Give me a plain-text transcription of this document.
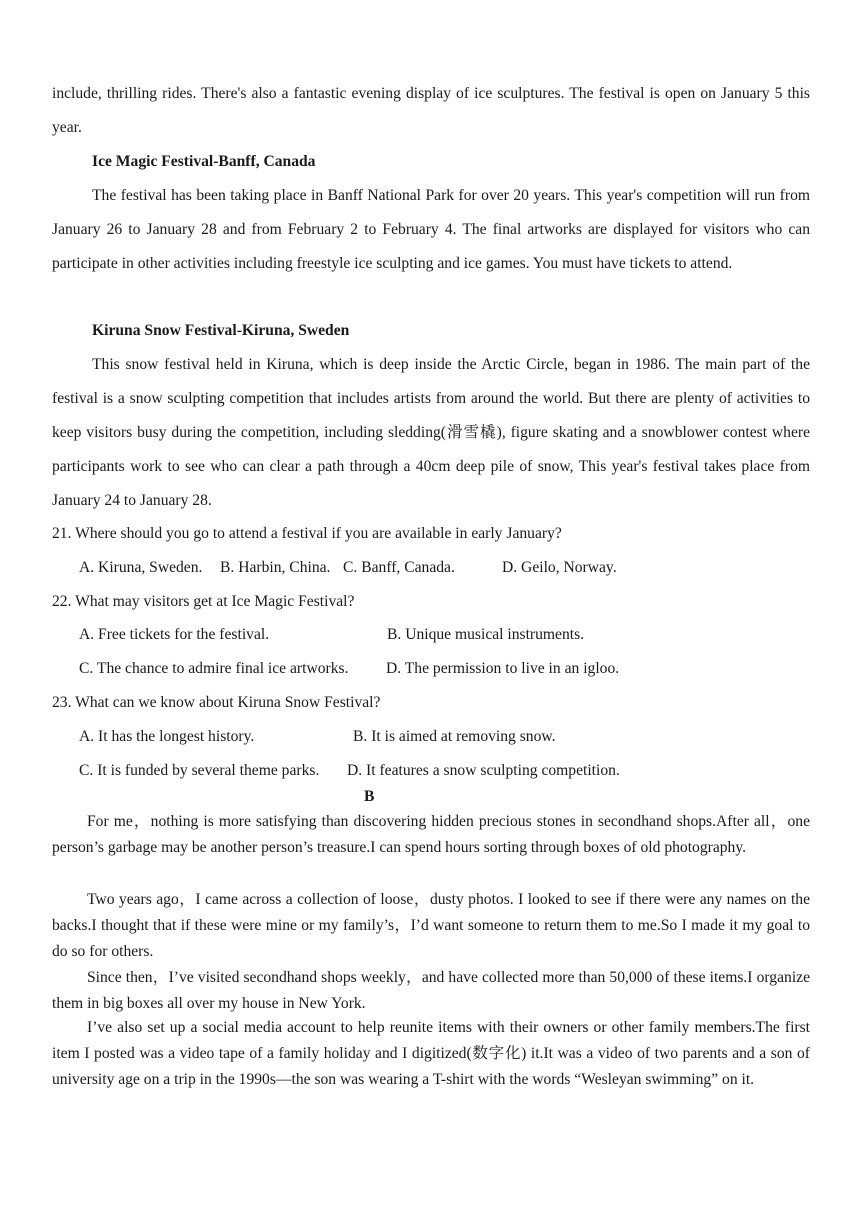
include, thrilling rides. There's also a fantastic evening display of ice sculptures. The festival is open on January 5 this year.

Ice Magic Festival-Banff, Canada

The festival has been taking place in Banff National Park for over 20 years. This year's competition will run from January 26 to January 28 and from February 2 to February 4. The final artworks are displayed for visitors who can participate in other activities including freestyle ice sculpting and ice games. You must have tickets to attend.

Kiruna Snow Festival-Kiruna, Sweden

This snow festival held in Kiruna, which is deep inside the Arctic Circle, began in 1986. The main part of the festival is a snow sculpting competition that includes artists from around the world. But there are plenty of activities to keep visitors busy during the competition, including sledding(滑雪橇), figure skating and a snowblower contest where participants work to see who can clear a path through a 40cm deep pile of snow, This year's festival takes place from January 24 to January 28.

21. Where should you go to attend a festival if you are available in early January?

A. Kiruna, Sweden. B. Harbin, China. C. Banff, Canada.	D. Geilo, Norway.

22. What may visitors get at Ice Magic Festival?

A. Free tickets for the festival.	B. Unique musical instruments.

C. The chance to admire final ice artworks. D. The permission to live in an igloo.

23. What can we know about Kiruna Snow Festival?

A. It has the longest history.	B. It is aimed at removing snow.

C. It is funded by several theme parks. D. It features a snow sculpting competition.

B

For me，nothing is more satisfying than discovering hidden precious stones in secondhand shops.After all，one person’s garbage may be another person’s treasure.I can spend hours sorting through boxes of old photography.

Two years ago，I came across a collection of loose，dusty photos. I looked to see if there were any names on the backs.I thought that if these were mine or my family’s，I’d want someone to return them to me.So I made it my goal to do so for others.

Since then，I’ve visited secondhand shops weekly，and have collected more than 50,000 of these items.I organize them in big boxes all over my house in New York.

I’ve also set up a social media account to help reunite items with their owners or other family members.The first item I posted was a video tape of a family holiday and I digitized(数字化) it.It was a video of two parents and a son of university age on a trip in the 1990s—the son was wearing a T-shirt with the words “Wesleyan swimming” on it.
